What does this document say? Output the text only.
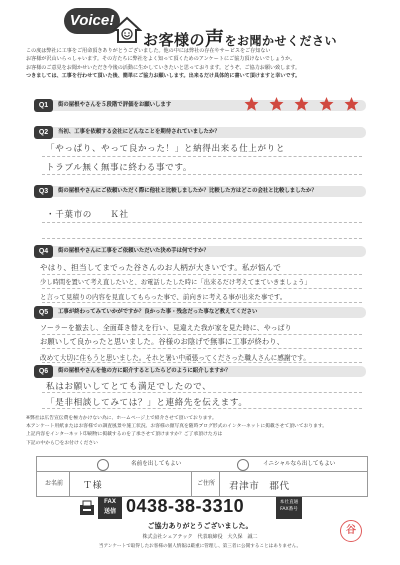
Voice!
お客様の声をお聞かせください

この度は弊社に工事をご用命頂きありがとうございました。他の中には弊社の存在やサービスをご存知ない

お客様が沢山いらっしゃいます。その方たちに弊社をよく知って頂くためのアンケートにご協力頂けないでしょうか。

お客様のご意見をお聞かせいただき今後の活動に生かしていきたいと思っております。どうぞ、ご協力お願い致します。

つきましては、工事を行わせて頂いた後、簡単にご協力お願いします。出来るだけ具体的に書いて頂けますと幸いです。

Q1	街の屋根やさんを５段階で評価をお願いします

Q2	当初、工事を依頼する会社にどんなことを期待されていましたか？
「やっぱり、やって良かった！」と納得出来る仕上がりと
トラブル無く無事に終わる事です。
Q3	街の屋根やさんにご依頼いただく際に他社と比較しましたか？比較した方はどこの会社と比較しましたか？
・千葉市の　　Ｋ社
Q4	街の屋根やさんに工事をご依頼いただいた決め手は何ですか？
やはり、担当してまでった谷さんのお人柄が大きいです。私が悩んで
少し時間を置いて考え直したいと、お電話したした時に「出来るだけ考えてまていきましょう」
と言って見積りの内容を見直してもらった事で、前向きに考える事が出来た事です。
Q5	工事が終わってみていかがですか？良かった事・残念だった事など教えてください
ソーラーを撤去し、全面葺き替えを行い、見違えた我が家を見た時に、やっぱり
お願いして良かったと思いました。谷様のお陰げで無事に工事が終わり、
改めて大切に住もうと思いました。それと暑い中頑張ってくださった職人さんに感謝です。
Q6	街の屋根やさんを他の方に紹介するとしたらどのように紹介しますか？
私はお願いしてとても満足でしたので、
「是非相談してみては？」と連絡先を伝えます。

※弊社は広告宣伝費を極力かけない為に、ホームページ上で紹介させて頂いております。

本アンケート用紙またはお客様での調査風景や施工状況、お客様の顔写真を随時ブログ形式のインターネットに掲載させて頂いております。

上記内容をインターネット印刷物に掲載するのを了承させて頂けますか？ご了承頂けた方は

下記の中から〇をお付けください

名前を出してもよい	イニシャルなら出してもよい
お名前 Ｔ様	ご住所 君津市　郡代
FAX
送信 0438-38-3310	本社直通
FAX番号
ご協力ありがとうございました。
株式会社シェアテック　代表取締役　大久保　誠二
当アンケートで取得したお客様の個人情報は厳重に管理し、第三者に公開することはありません。
谷
